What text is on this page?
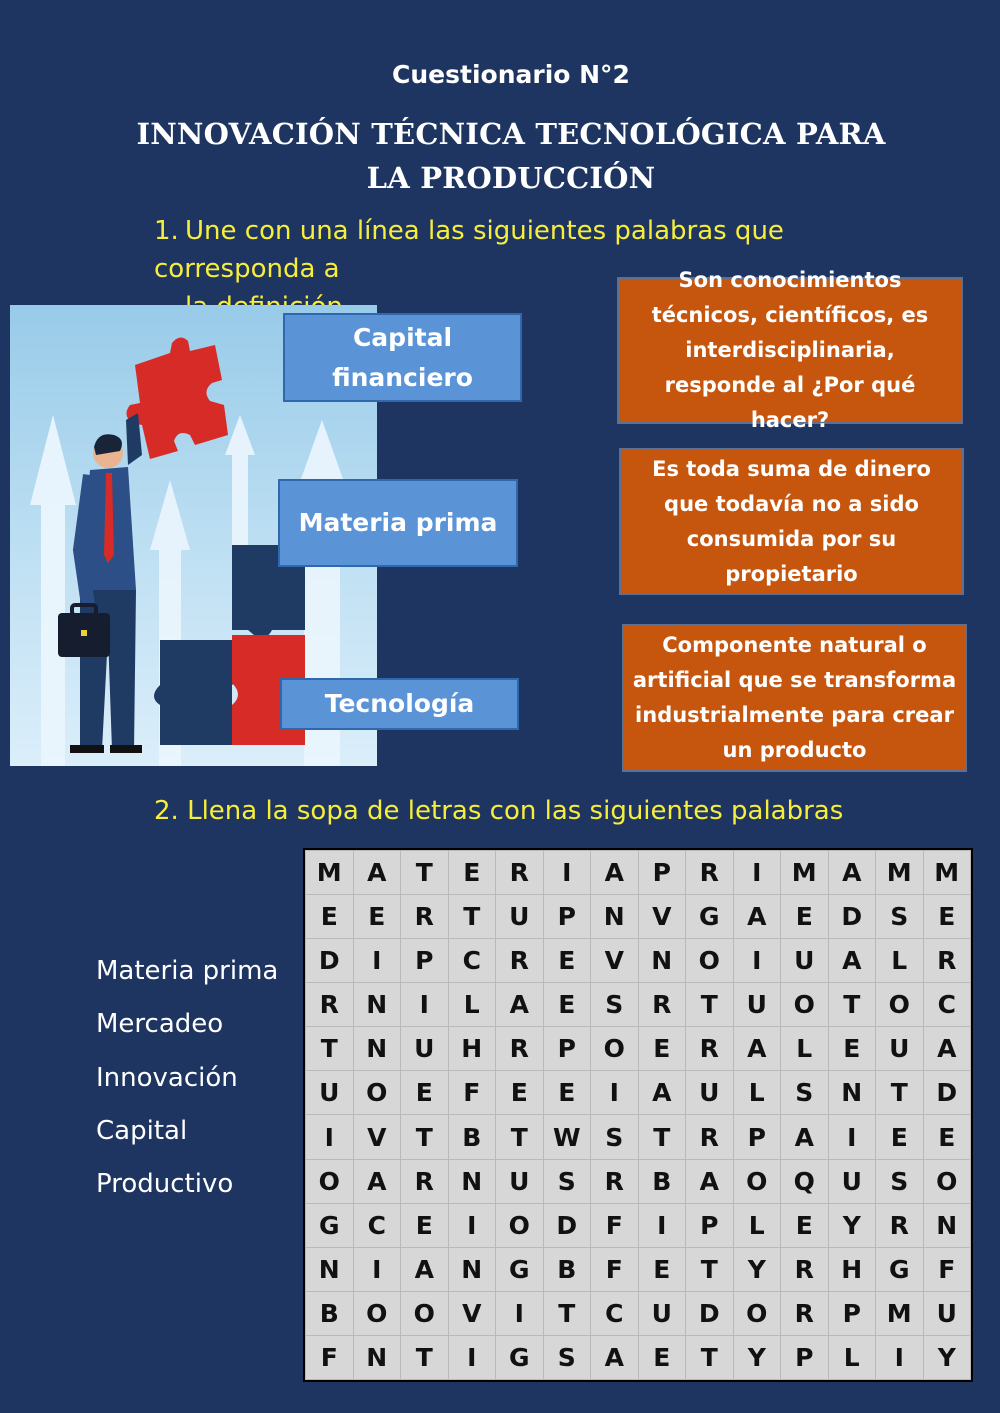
Cuestionario N°2
INNOVACIÓN TÉCNICA TECNOLÓGICA PARA LA PRODUCCIÓN
1. Une con una línea las siguientes palabras que corresponda a
Capital
financiero
Materia prima
Tecnología
Son conocimientos técnicos, científicos, es interdisciplinaria, responde al ¿Por qué hacer?
Es toda suma de dinero que todavía no a sido consumida por su propietario
Componente natural o artificial que se transforma industrialmente para crear un producto
2. Llena la sopa de letras con las siguientes palabras
Materia prima
Mercadeo
Innovación
Capital
Productivo
M	A	T	E	R	I	A	P	R	I	M	A	M	M
E	E	R	T	U	P	N	V	G	A	E	D	S	E
D	I	P	C	R	E	V	N	O	I	U	A	L	R
R	N	I	L	A	E	S	R	T	U	O	T	O	C
T	N	U	H	R	P	O	E	R	A	L	E	U	A
U	O	E	F	E	E	I	A	U	L	S	N	T	D
I	V	T	B	T	W	S	T	R	P	A	I	E	E
O	A	R	N	U	S	R	B	A	O	Q	U	S	O
G	C	E	I	O	D	F	I	P	L	E	Y	R	N
N	I	A	N	G	B	F	E	T	Y	R	H	G	F
B	O	O	V	I	T	C	U	D	O	R	P	M	U
F	N	T	I	G	S	A	E	T	Y	P	L	I	Y
